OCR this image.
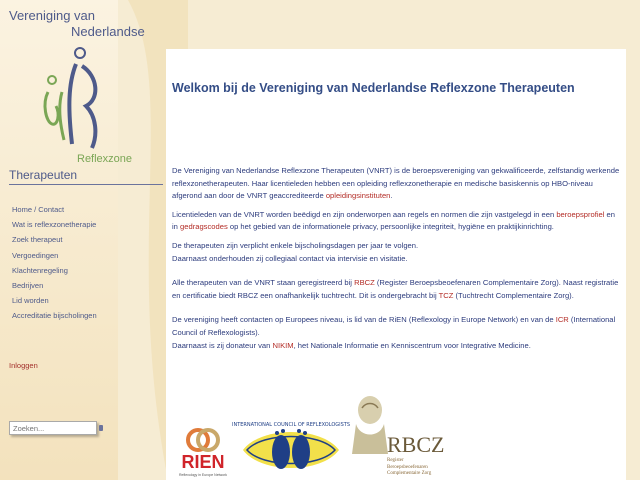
Vereniging van
Nederlandse
Reflexzone
Therapeuten
Home / Contact
Wat is reflexzonetherapie
Zoek therapeut
Vergoedingen
Klachtenregeling
Bedrijven
Lid worden
Accreditatie bijscholingen
Inloggen
Zoeken...
Welkom bij de Vereniging van Nederlandse Reflexzone Therapeuten

De Vereniging van Nederlandse Reflexzone Therapeuten (VNRT) is de beroepsvereniging van gekwalificeerde, zelfstandig werkende reflexzonetherapeuten. Haar licentieleden hebben een opleiding reflexzonetherapie en medische basiskennis op HBO-niveau afgerond aan door de VNRT geaccrediteerde opleidingsinstituten.

Licentieleden van de VNRT worden beëdigd en zijn onderworpen aan regels en normen die zijn vastgelegd in een beroepsprofiel en in gedragscodes op het gebied van de informationele privacy, persoonlijke integriteit, hygiëne en praktijkinrichting.

De therapeuten zijn verplicht enkele bijscholingsdagen per jaar te volgen.
Daarnaast onderhouden zij collegiaal contact via intervisie en visitatie.

Alle therapeuten van de VNRT staan geregistreerd bij RBCZ (Register Beroepsbeoefenaren Complementaire Zorg). Naast registratie en certificatie biedt RBCZ een onafhankelijk tuchtrecht. Dit is ondergebracht bij TCZ (Tuchtrecht Complementaire Zorg).

De vereniging heeft contacten op Europees niveau, is lid van de RiEN (Reflexology in Europe Network) en van de ICR (International Council of Reflexologists).
Daarnaast is zij donateur van NIKIM, het Nationale Informatie en Kenniscentrum voor Integrative Medicine.

RIEN
Reflexology in Europe Network
INTERNATIONAL COUNCIL OF REFLEXOLOGISTS
RBCZ
Register
Beroepsbeoefenaren
Complementaire Zorg
